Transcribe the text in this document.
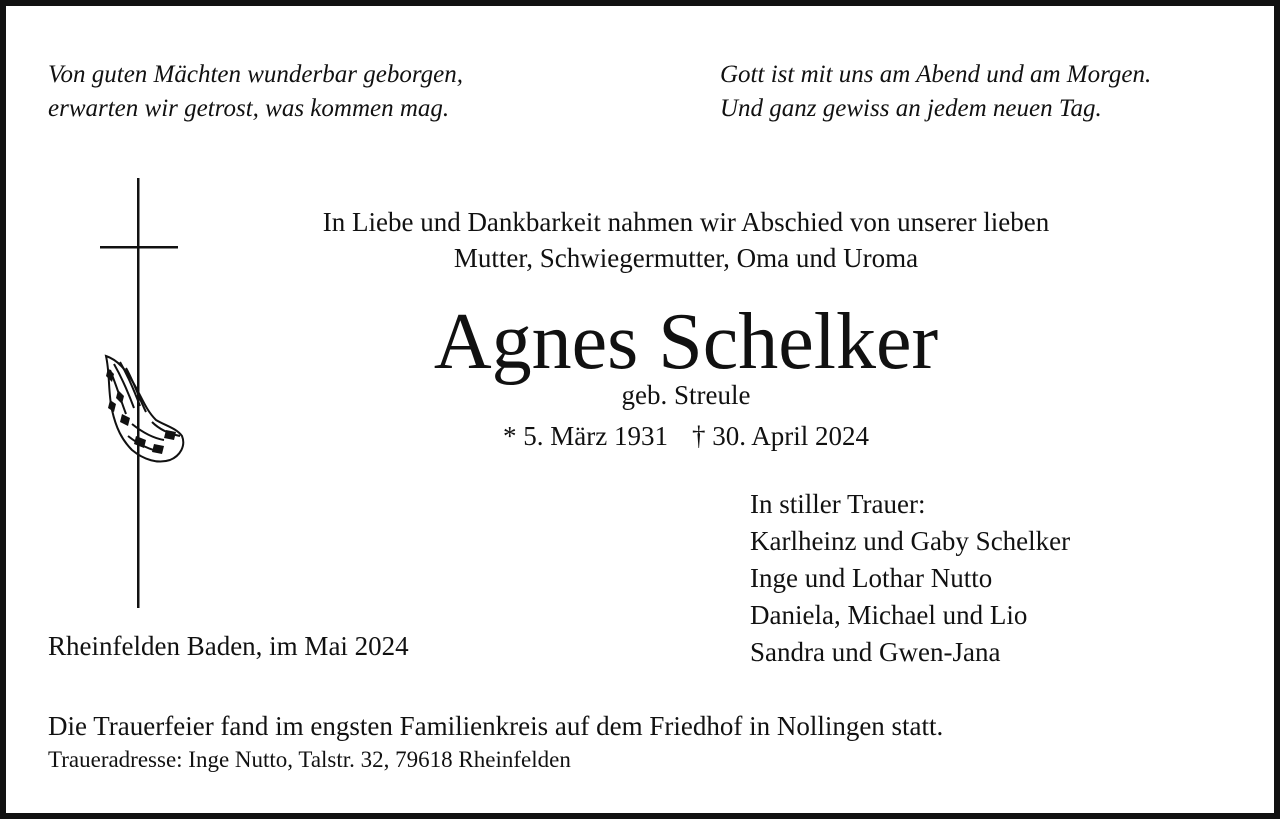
Von guten Mächten wunderbar geborgen,
erwarten wir getrost, was kommen mag.
Gott ist mit uns am Abend und am Morgen.
Und ganz gewiss an jedem neuen Tag.
In Liebe und Dankbarkeit nahmen wir Abschied von unserer lieben
Mutter, Schwiegermutter, Oma und Uroma
Agnes Schelker
geb. Streule
* 5. März 1931 † 30. April 2024
In stiller Trauer:
Karlheinz und Gaby Schelker
Inge und Lothar Nutto
Daniela, Michael und Lio
Sandra und Gwen-Jana
Rheinfelden Baden, im Mai 2024
Die Trauerfeier fand im engsten Familienkreis auf dem Friedhof in Nollingen statt.
Traueradresse: Inge Nutto, Talstr. 32, 79618 Rheinfelden
